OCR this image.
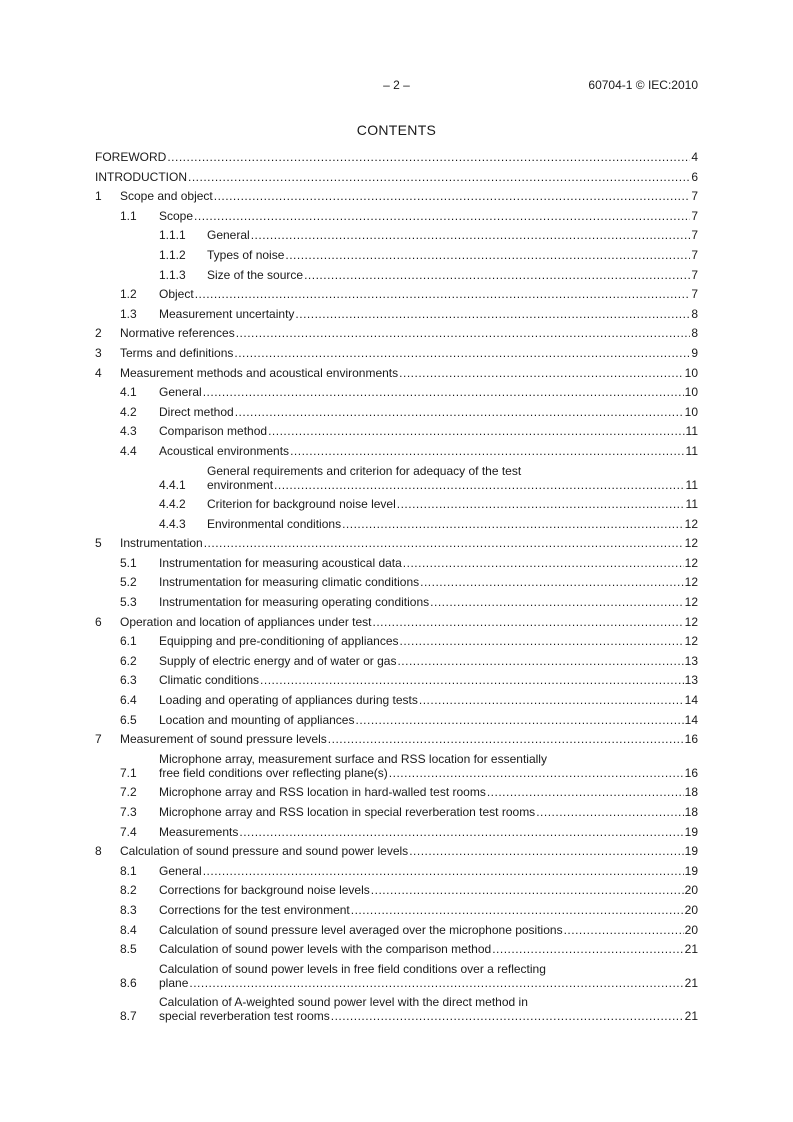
– 2 –	60704-1 © IEC:2010
CONTENTS
FOREWORD .....	4
INTRODUCTION .....	6
1	Scope and object .....	7
1.1	Scope .....	7
1.1.1	General .....	7
1.1.2	Types of noise .....	7
1.1.3	Size of the source .....	7
1.2	Object .....	7
1.3	Measurement uncertainty .....	8
2	Normative references .....	8
3	Terms and definitions .....	9
4	Measurement methods and acoustical environments .....	10
4.1	General .....	10
4.2	Direct method .....	10
4.3	Comparison method .....	11
4.4	Acoustical environments .....	11
4.4.1
General requirements and criterion for adequacy of the test
environment .....	11
4.4.2	Criterion for background noise level .....	11
4.4.3	Environmental conditions .....	12
5	Instrumentation .....	12
5.1	Instrumentation for measuring acoustical data .....	12
5.2	Instrumentation for measuring climatic conditions .....	12
5.3	Instrumentation for measuring operating conditions .....	12
6	Operation and location of appliances under test .....	12
6.1	Equipping and pre-conditioning of appliances .....	12
6.2	Supply of electric energy and of water or gas .....	13
6.3	Climatic conditions .....	13
6.4	Loading and operating of appliances during tests .....	14
6.5	Location and mounting of appliances .....	14
7	Measurement of sound pressure levels .....	16
7.1
Microphone array, measurement surface and RSS location for essentially
free field conditions over reflecting plane(s) .....	16
7.2	Microphone array and RSS location in hard-walled test rooms .....	18
7.3	Microphone array and RSS location in special reverberation test rooms .....	18
7.4	Measurements .....	19
8	Calculation of sound pressure and sound power levels .....	19
8.1	General .....	19
8.2	Corrections for background noise levels .....	20
8.3	Corrections for the test environment .....	20
8.4	Calculation of sound pressure level averaged over the microphone positions .....	20
8.5	Calculation of sound power levels with the comparison method .....	21
8.6
Calculation of sound power levels in free field conditions over a reflecting
plane .....	21
8.7
Calculation of A-weighted sound power level with the direct method in
special reverberation test rooms .....	21
